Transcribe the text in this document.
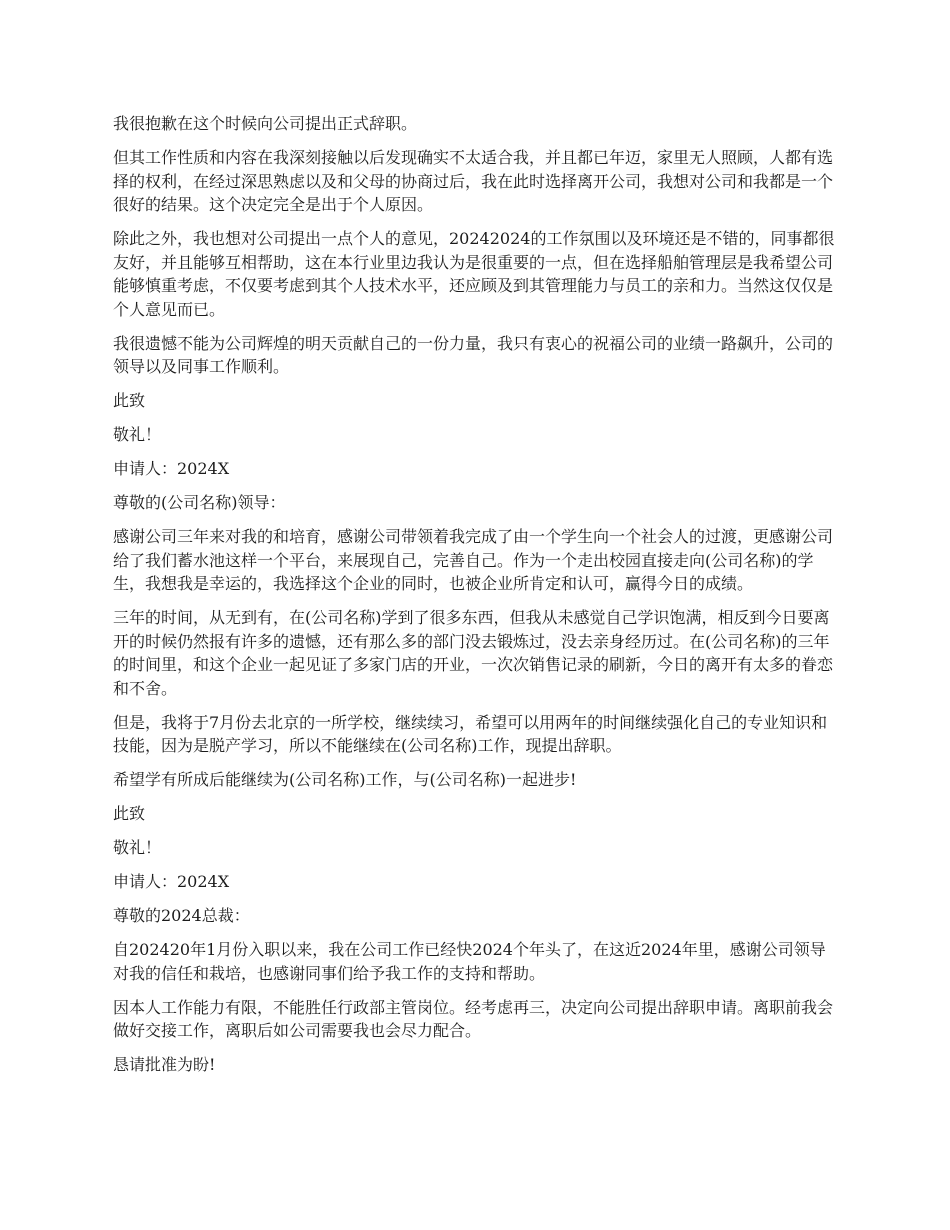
我很抱歉在这个时候向公司提出正式辞职。

但其工作性质和内容在我深刻接触以后发现确实不太适合我，并且都已年迈，家里无人照顾，人都有选择的权利，在经过深思熟虑以及和父母的协商过后，我在此时选择离开公司，我想对公司和我都是一个很好的结果。这个决定完全是出于个人原因。

除此之外，我也想对公司提出一点个人的意见，20242024的工作氛围以及环境还是不错的，同事都很友好，并且能够互相帮助，这在本行业里边我认为是很重要的一点，但在选择船舶管理层是我希望公司能够慎重考虑，不仅要考虑到其个人技术水平，还应顾及到其管理能力与员工的亲和力。当然这仅仅是个人意见而已。

我很遗憾不能为公司辉煌的明天贡献自己的一份力量，我只有衷心的祝福公司的业绩一路飙升，公司的领导以及同事工作顺利。

此致

敬礼！

申请人：2024X

尊敬的(公司名称)领导：

感谢公司三年来对我的和培育，感谢公司带领着我完成了由一个学生向一个社会人的过渡，更感谢公司给了我们蓄水池这样一个平台，来展现自己，完善自己。作为一个走出校园直接走向(公司名称)的学生，我想我是幸运的，我选择这个企业的同时，也被企业所肯定和认可，赢得今日的成绩。

三年的时间，从无到有，在(公司名称)学到了很多东西，但我从未感觉自己学识饱满，相反到今日要离开的时候仍然报有许多的遗憾，还有那么多的部门没去锻炼过，没去亲身经历过。在(公司名称)的三年的时间里，和这个企业一起见证了多家门店的开业，一次次销售记录的刷新，今日的离开有太多的眷恋和不舍。

但是，我将于7月份去北京的一所学校，继续续习，希望可以用两年的时间继续强化自己的专业知识和技能，因为是脱产学习，所以不能继续在(公司名称)工作，现提出辞职。

希望学有所成后能继续为(公司名称)工作，与(公司名称)一起进步!

此致

敬礼！

申请人：2024X

尊敬的2024总裁：

自202420年1月份入职以来，我在公司工作已经快2024个年头了，在这近2024年里，感谢公司领导对我的信任和栽培，也感谢同事们给予我工作的支持和帮助。

因本人工作能力有限，不能胜任行政部主管岗位。经考虑再三，决定向公司提出辞职申请。离职前我会做好交接工作，离职后如公司需要我也会尽力配合。

恳请批准为盼!
